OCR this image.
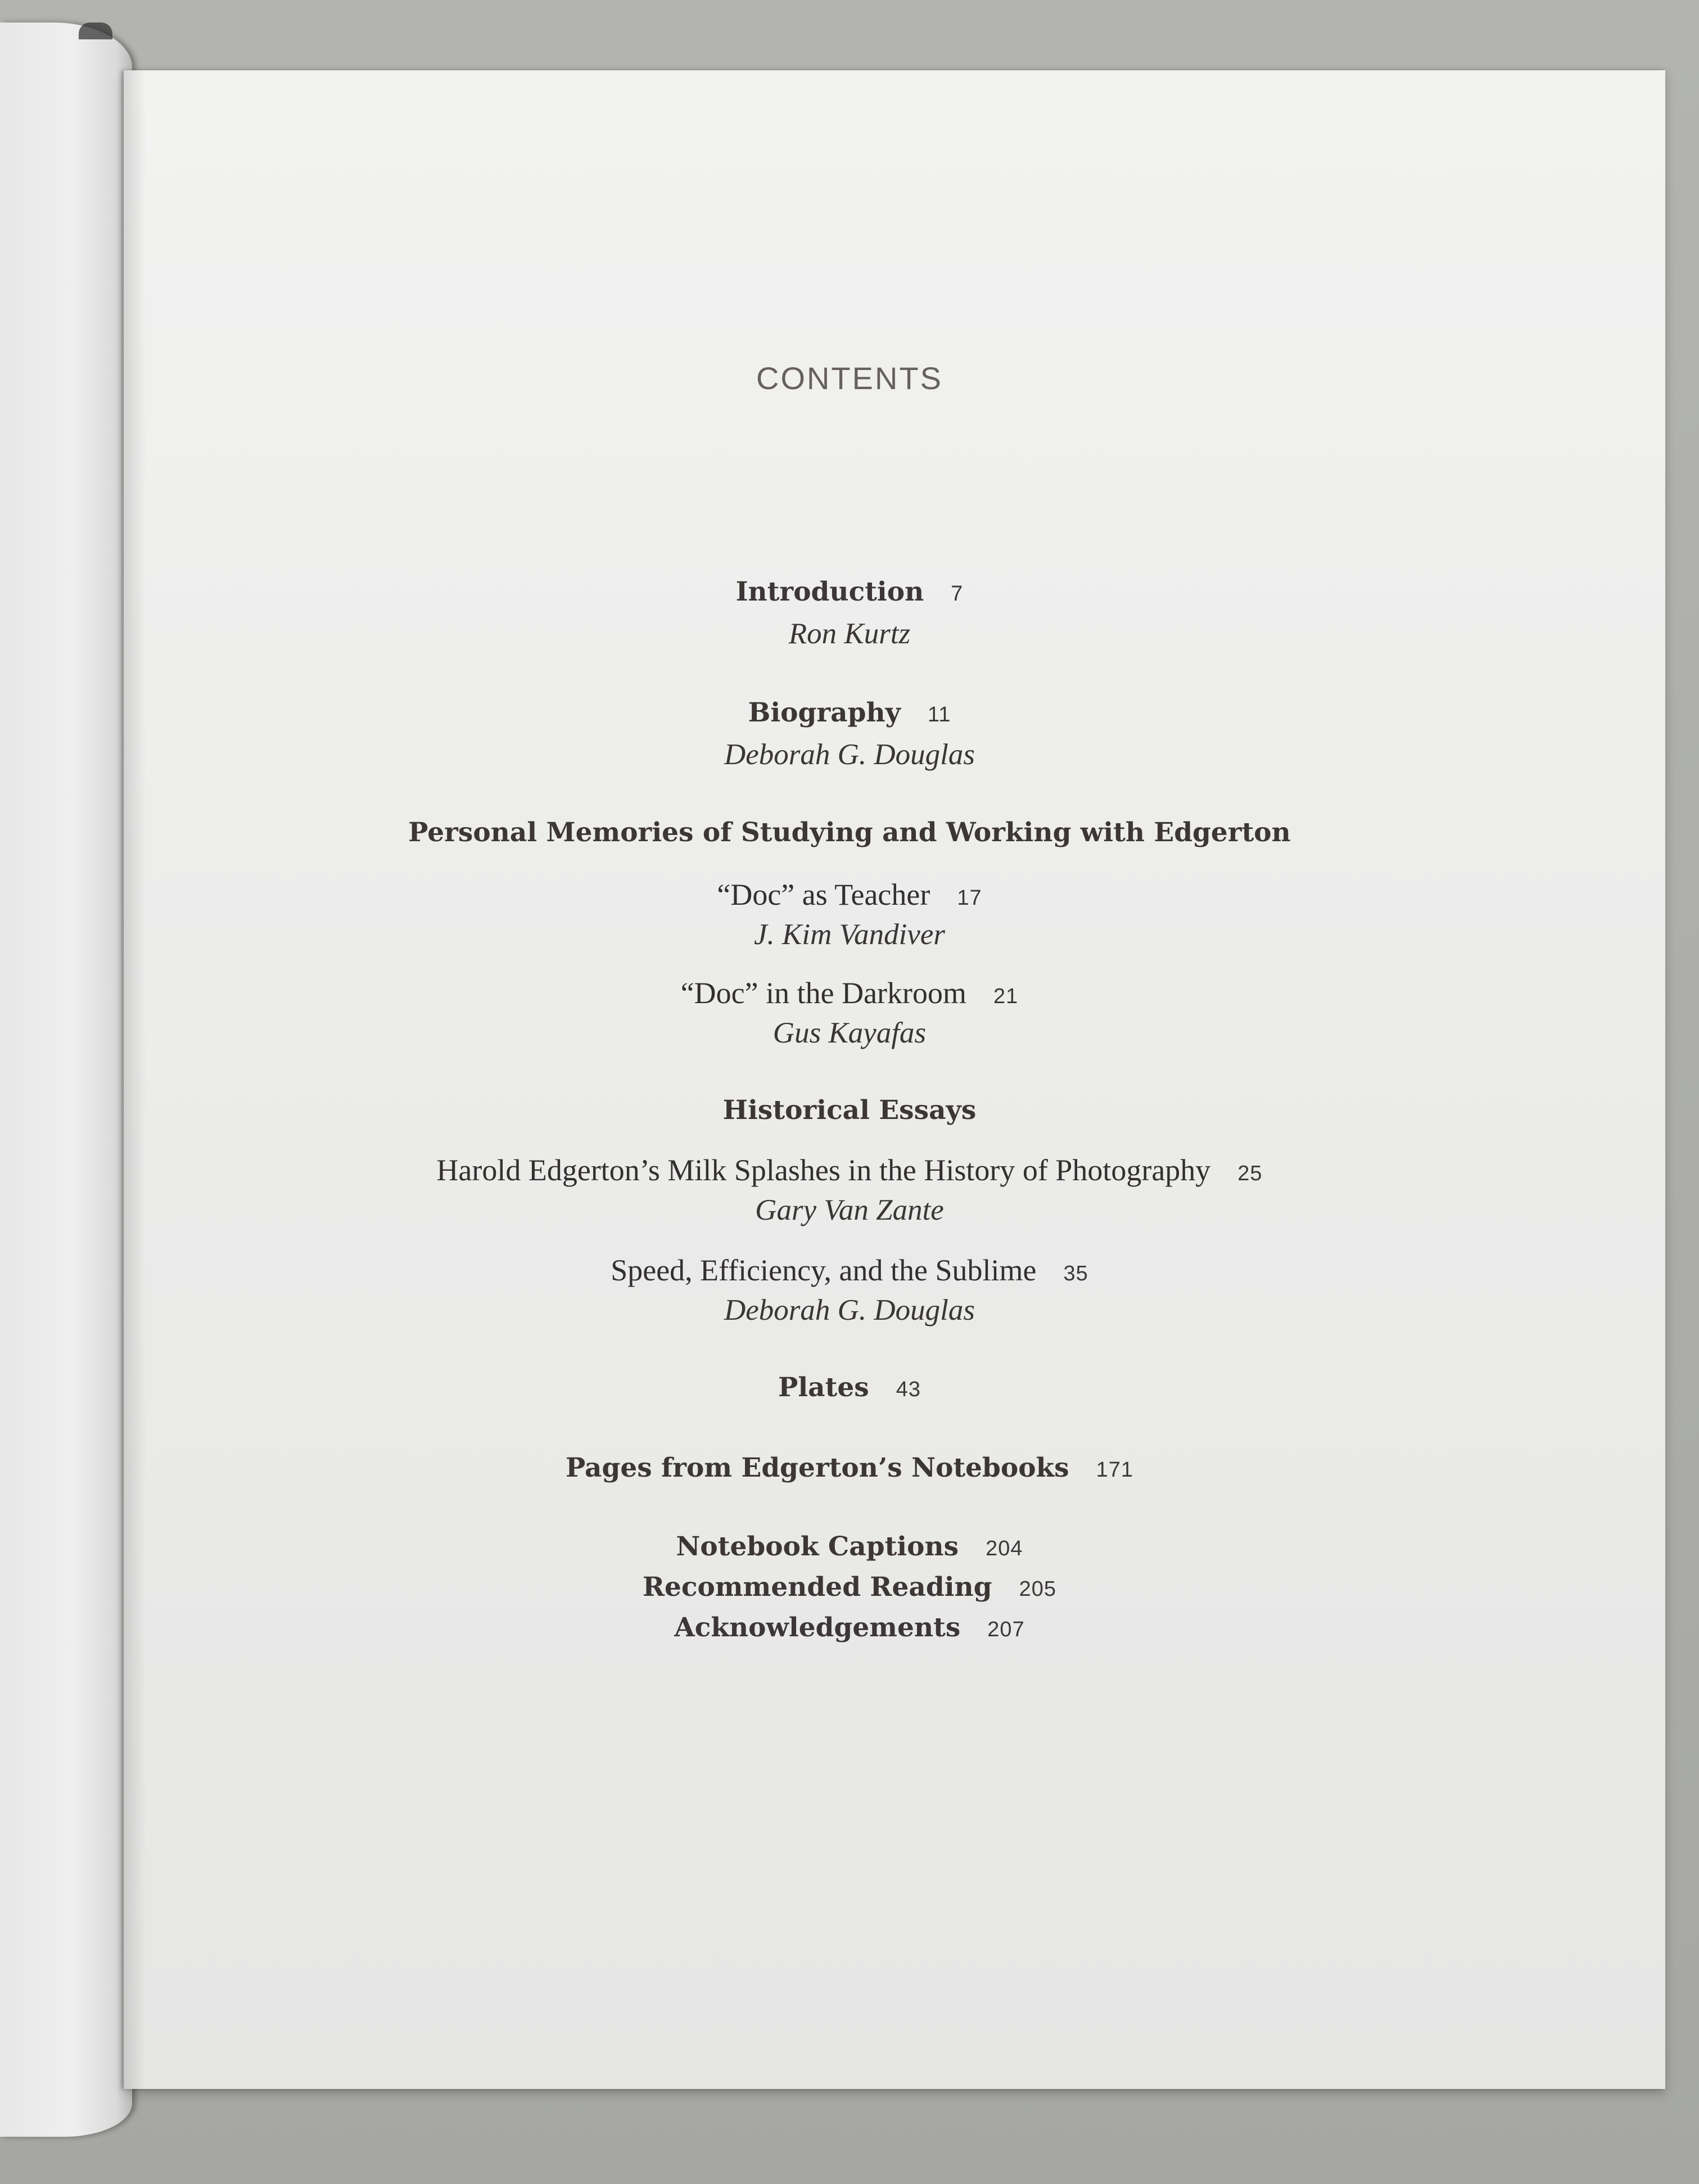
CONTENTS
Introduction 7
Ron Kurtz
Biography 11
Deborah G. Douglas
Personal Memories of Studying and Working with Edgerton
“Doc” as Teacher 17
J. Kim Vandiver
“Doc” in the Darkroom 21
Gus Kayafas
Historical Essays
Harold Edgerton’s Milk Splashes in the History of Photography 25
Gary Van Zante
Speed, Efficiency, and the Sublime 35
Deborah G. Douglas
Plates 43
Pages from Edgerton’s Notebooks 171
Notebook Captions 204
Recommended Reading 205
Acknowledgements 207
